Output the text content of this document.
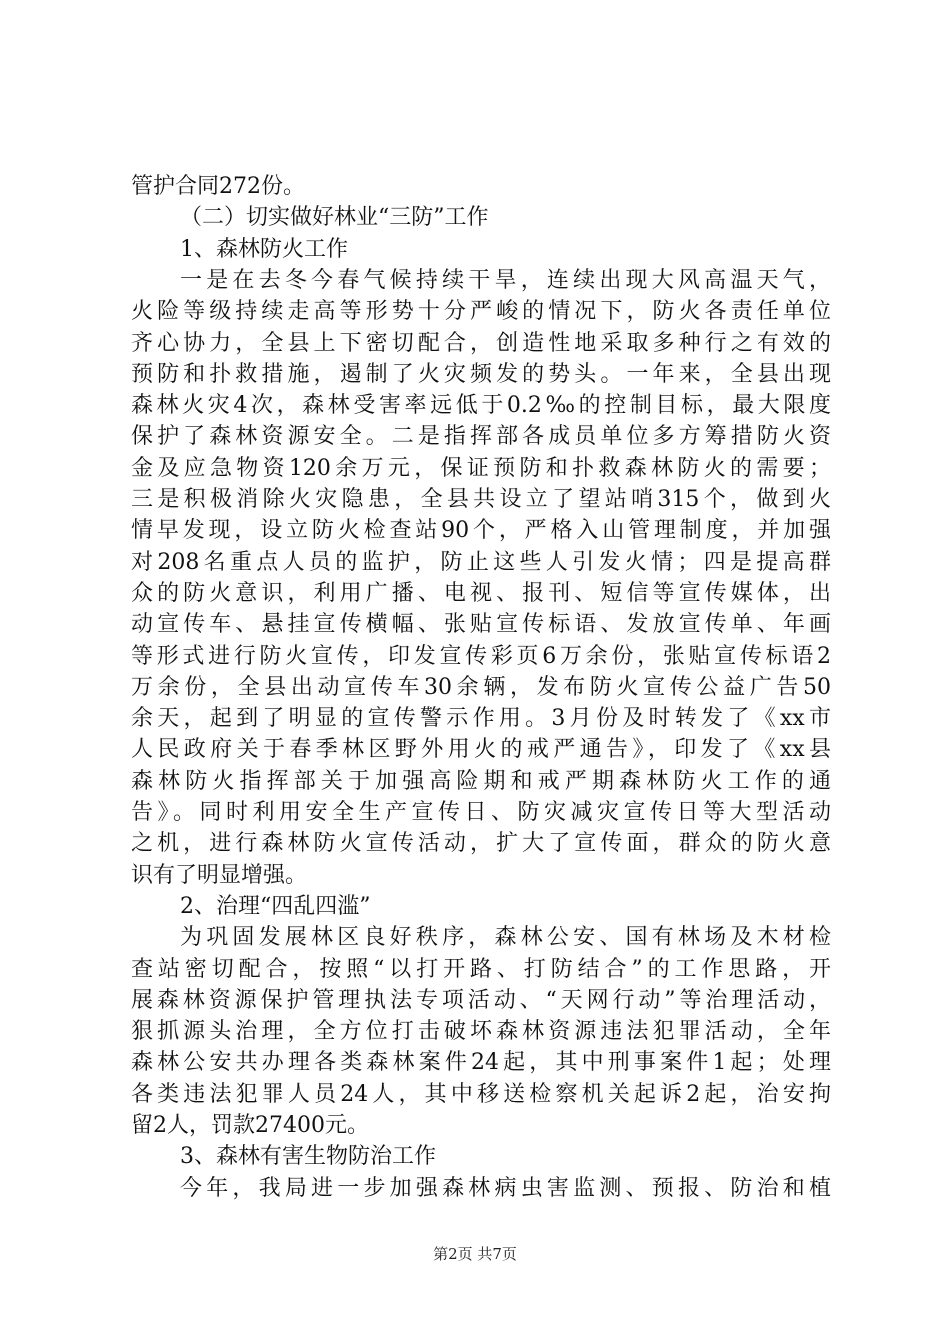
管护合同272份。
（二）切实做好林业“三防”工作
1、森林防火工作
一是在去冬今春气候持续干旱，连续出现大风高温天气，
火险等级持续走高等形势十分严峻的情况下，防火各责任单位
齐心协力，全县上下密切配合，创造性地采取多种行之有效的
预防和扑救措施，遏制了火灾频发的势头。一年来，全县出现
森林火灾4次，森林受害率远低于0.2‰的控制目标，最大限度
保护了森林资源安全。二是指挥部各成员单位多方筹措防火资
金及应急物资120余万元，保证预防和扑救森林防火的需要；
三是积极消除火灾隐患，全县共设立了望站哨315个，做到火
情早发现，设立防火检查站90个，严格入山管理制度，并加强
对208名重点人员的监护，防止这些人引发火情；四是提高群
众的防火意识，利用广播、电视、报刊、短信等宣传媒体，出
动宣传车、悬挂宣传横幅、张贴宣传标语、发放宣传单、年画
等形式进行防火宣传，印发宣传彩页6万余份，张贴宣传标语2
万余份，全县出动宣传车30余辆，发布防火宣传公益广告50
余天，起到了明显的宣传警示作用。3月份及时转发了《xx市
人民政府关于春季林区野外用火的戒严通告》，印发了《xx县
森林防火指挥部关于加强高险期和戒严期森林防火工作的通
告》。同时利用安全生产宣传日、防灾减灾宣传日等大型活动
之机，进行森林防火宣传活动，扩大了宣传面，群众的防火意
识有了明显增强。
2、治理“四乱四滥”
为巩固发展林区良好秩序，森林公安、国有林场及木材检
查站密切配合，按照“以打开路、打防结合”的工作思路，开
展森林资源保护管理执法专项活动、“天网行动”等治理活动，
狠抓源头治理，全方位打击破坏森林资源违法犯罪活动，全年
森林公安共办理各类森林案件24起，其中刑事案件1起；处理
各类违法犯罪人员24人，其中移送检察机关起诉2起，治安拘
留2人，罚款27400元。
3、森林有害生物防治工作
今年，我局进一步加强森林病虫害监测、预报、防治和植
第2页 共7页
